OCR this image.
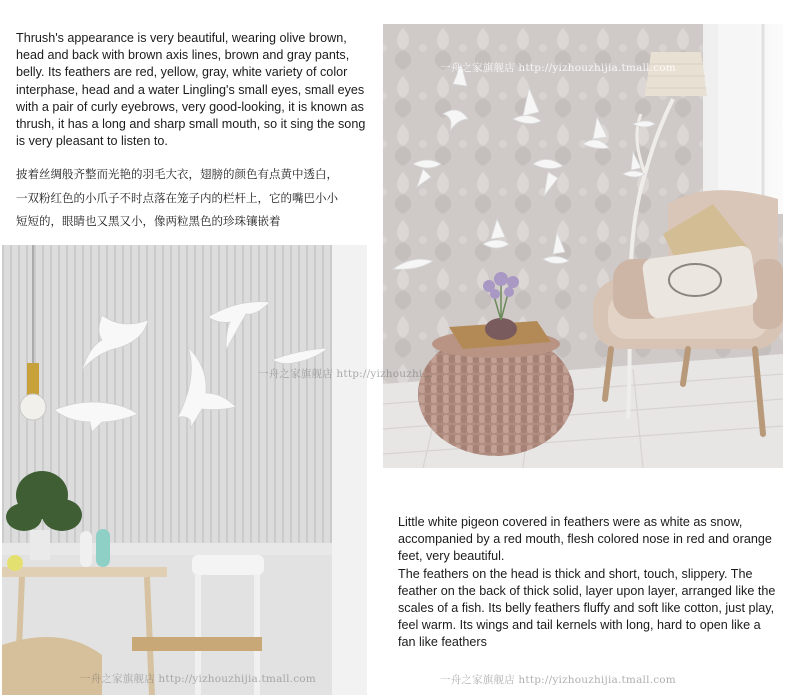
Thrush's appearance is very beautiful, wearing olive brown, head and back with brown axis lines, brown and gray pants, belly. Its feathers are red, yellow, gray, white variety of color interphase, head and a water Lingling's small eyes, small eyes with a pair of curly eyebrows, very good-looking, it is known as thrush, it has a long and sharp small mouth, so it sing the song is very pleasant to listen to.

披着丝绸般齐整而光艳的羽毛大衣，翅膀的颜色有点黄中透白，
一双粉红色的小爪子不时点落在笼子内的栏杆上，它的嘴巴小小
短短的，眼睛也又黑又小，像两粒黑色的珍珠镶嵌着
一舟之家旗舰店 http://yizhouzhijia.tmall.com
一舟之家旗舰店 http://yizhouzhi...
一舟之家旗舰店 http://yizhouzhijia.tmall.com

Little white pigeon covered in feathers were as white as snow, accompanied by a red mouth, flesh colored nose in red and orange feet, very beautiful.

The feathers on the head is thick and short, touch, slippery. The feather on the back of thick solid, layer upon layer, arranged like the scales of a fish. Its belly feathers fluffy and soft like cotton, just play, feel warm. Its wings and tail kernels with long, hard to open like a fan like feathers

一舟之家旗舰店 http://yizhouzhijia.tmall.com
